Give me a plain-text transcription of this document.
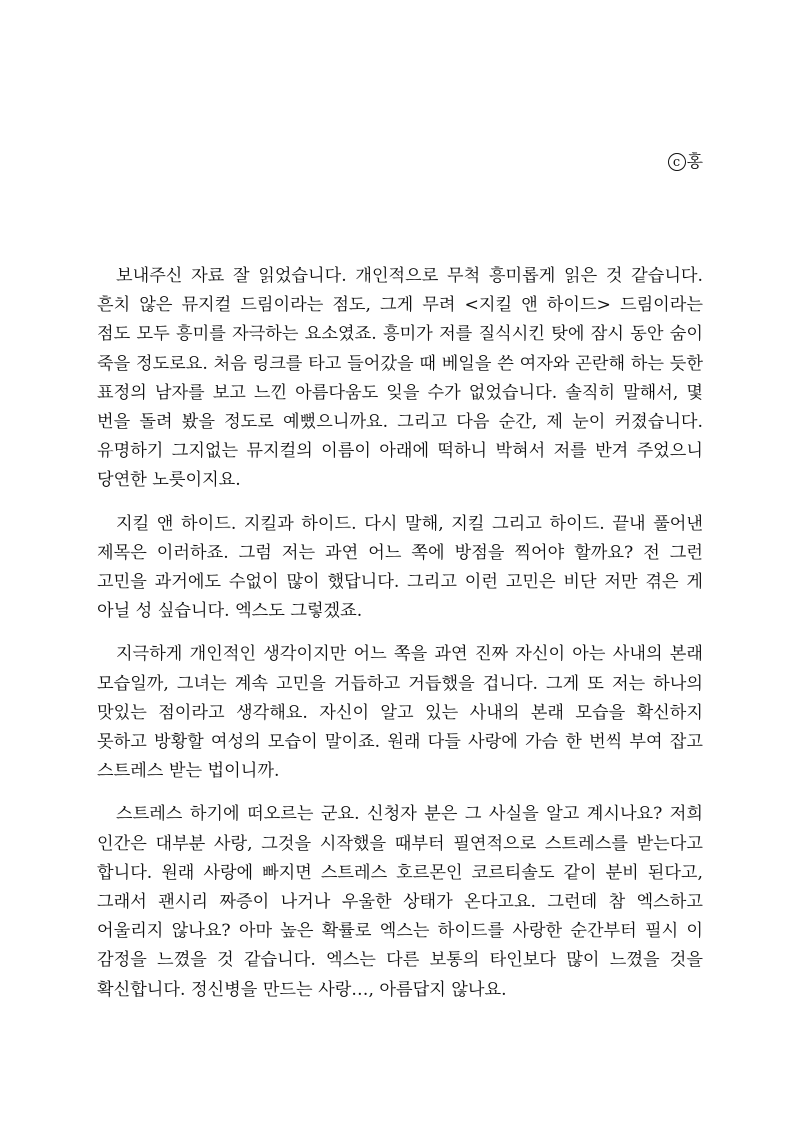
c 홍

보내주신 자료 잘 읽었습니다. 개인적으로 무척 흥미롭게 읽은 것 같습니다. 흔치 않은 뮤지컬 드림이라는 점도, 그게 무려 <지킬 앤 하이드> 드림이라는 점도 모두 흥미를 자극하는 요소였죠. 흥미가 저를 질식시킨 탓에 잠시 동안 숨이 죽을 정도로요. 처음 링크를 타고 들어갔을 때 베일을 쓴 여자와 곤란해 하는 듯한 표정의 남자를 보고 느낀 아름다움도 잊을 수가 없었습니다. 솔직히 말해서, 몇 번을 돌려 봤을 정도로 예뻤으니까요. 그리고 다음 순간, 제 눈이 커졌습니다. 유명하기 그지없는 뮤지컬의 이름이 아래에 떡하니 박혀서 저를 반겨 주었으니 당연한 노릇이지요.

지킬 앤 하이드. 지킬과 하이드. 다시 말해, 지킬 그리고 하이드. 끝내 풀어낸 제목은 이러하죠. 그럼 저는 과연 어느 쪽에 방점을 찍어야 할까요? 전 그런 고민을 과거에도 수없이 많이 했답니다. 그리고 이런 고민은 비단 저만 겪은 게 아닐 성 싶습니다. 엑스도 그렇겠죠.

지극하게 개인적인 생각이지만 어느 쪽을 과연 진짜 자신이 아는 사내의 본래 모습일까, 그녀는 계속 고민을 거듭하고 거듭했을 겁니다. 그게 또 저는 하나의 맛있는 점이라고 생각해요. 자신이 알고 있는 사내의 본래 모습을 확신하지 못하고 방황할 여성의 모습이 말이죠. 원래 다들 사랑에 가슴 한 번씩 부여 잡고 스트레스 받는 법이니까.

스트레스 하기에 떠오르는 군요. 신청자 분은 그 사실을 알고 계시나요? 저희 인간은 대부분 사랑, 그것을 시작했을 때부터 필연적으로 스트레스를 받는다고 합니다. 원래 사랑에 빠지면 스트레스 호르몬인 코르티솔도 같이 분비 된다고, 그래서 괜시리 짜증이 나거나 우울한 상태가 온다고요. 그런데 참 엑스하고 어울리지 않나요? 아마 높은 확률로 엑스는 하이드를 사랑한 순간부터 필시 이 감정을 느꼈을 것 같습니다. 엑스는 다른 보통의 타인보다 많이 느꼈을 것을 확신합니다. 정신병을 만드는 사랑…, 아름답지 않나요.
